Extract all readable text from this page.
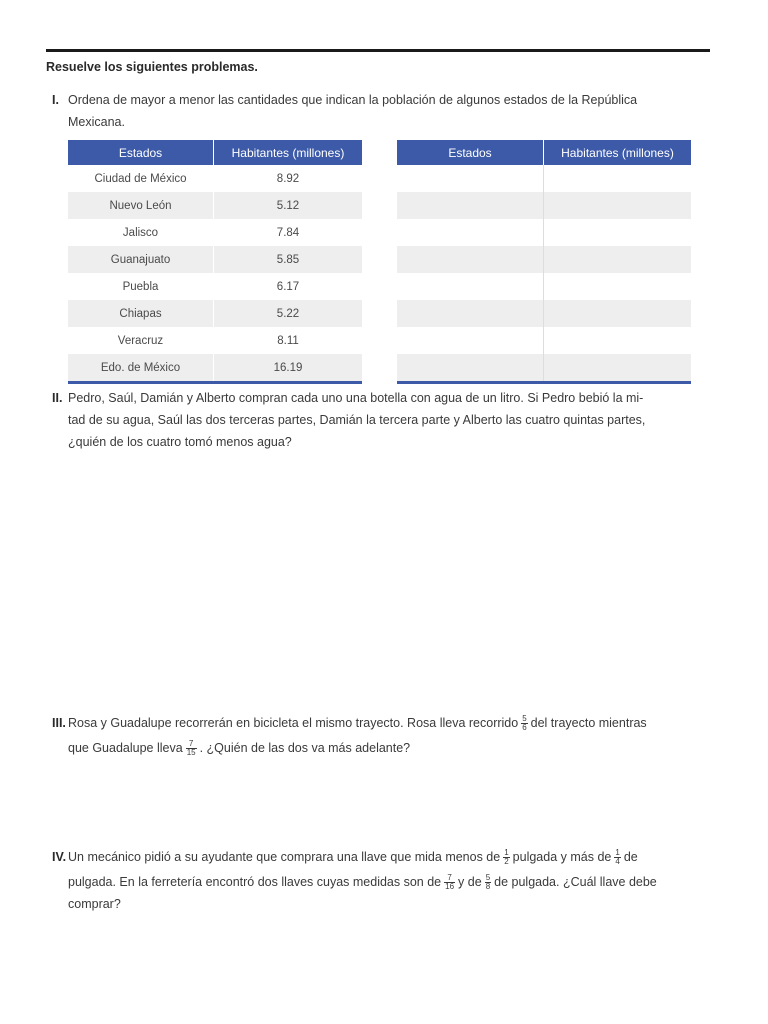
Resuelve los siguientes problemas.
I. Ordena de mayor a menor las cantidades que indican la población de algunos estados de la República
Mexicana.
Estados	Habitantes (millones)
Ciudad de México	8.92
Nuevo León	5.12
Jalisco	7.84
Guanajuato	5.85
Puebla	6.17
Chiapas	5.22
Veracruz	8.11
Edo. de México	16.19
Estados	Habitantes (millones)

II. Pedro, Saúl, Damián y Alberto compran cada uno una botella con agua de un litro. Si Pedro bebió la mi-
tad de su agua, Saúl las dos terceras partes, Damián la tercera parte y Alberto las cuatro quintas partes,
¿quién de los cuatro tomó menos agua?
III. Rosa y Guadalupe recorrerán en bicicleta el mismo trayecto. Rosa lleva recorrido $\frac{5}{6}$ del trayecto mientras
que Guadalupe lleva $\frac{7}{15}$ . ¿Quién de las dos va más adelante?
IV. Un mecánico pidió a su ayudante que comprara una llave que mida menos de $\frac{1}{2}$ pulgada y más de $\frac{1}{4}$ de
pulgada. En la ferretería encontró dos llaves cuyas medidas son de $\frac{7}{16}$ y de $\frac{5}{8}$ de pulgada. ¿Cuál llave debe
comprar?
